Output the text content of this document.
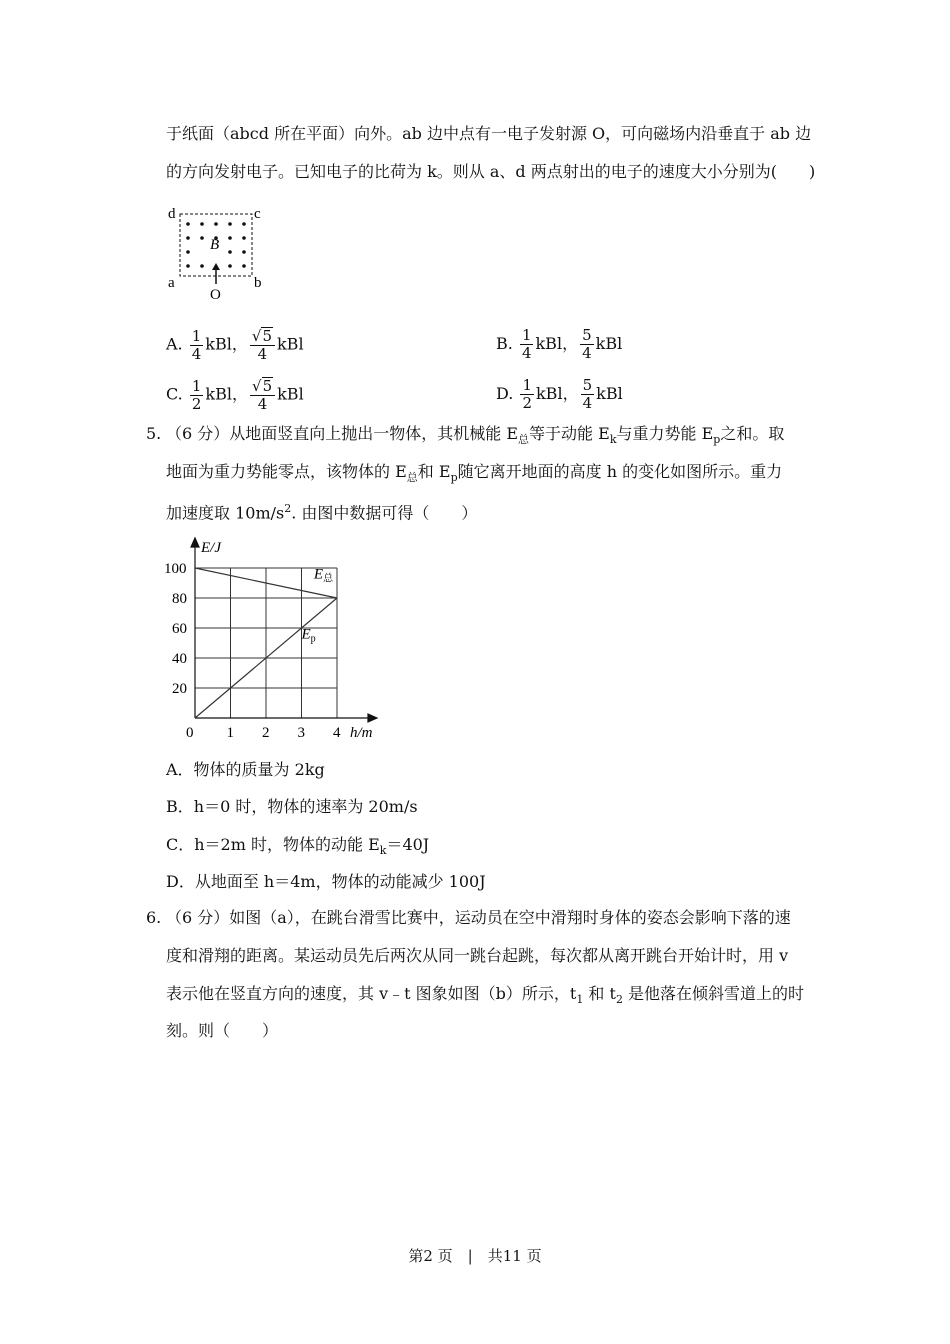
于纸面（abcd 所在平面）向外。ab 边中点有一电子发射源 O，可向磁场内沿垂直于 ab 边
的方向发射电子。已知电子的比荷为 k。则从 a、d 两点射出的电子的速度大小分别为(　　)
d	c
a	b
B
O
A. $\frac{1}{4}$ kBl， $\frac{√ 5}{4}$ kBl	B. $\frac{1}{4}$ kBl， $\frac{5}{4}$ kBl
C. $\frac{1}{2}$ kBl， $\frac{√ 5}{4}$ kBl	D. $\frac{1}{2}$ kBl， $\frac{5}{4}$ kBl
5. （6 分）从地面竖直向上抛出一物体，其机械能 $E_总$等于动能 $E_k$与重力势能 $E_p$之和。取
地面为重力势能零点，该物体的 $E_总$和 $E_p$随它离开地面的高度 h 的变化如图所示。重力
加速度取 $10m/s^2$. 由图中数据可得（　　）
0 1 2 3 4
20
40
60
80
100
E/J
h/m
$E_总$
$E_p$
A．物体的质量为 2kg
B．h＝0 时，物体的速率为 20m/s
C．h＝2m 时，物体的动能 $E_k=40J$
D．从地面至 h＝4m，物体的动能减少 100J
6. （6 分）如图（a），在跳台滑雪比赛中，运动员在空中滑翔时身体的姿态会影响下落的速
度和滑翔的距离。某运动员先后两次从同一跳台起跳，每次都从离开跳台开始计时，用 v
表示他在竖直方向的速度，其 v﹣t 图象如图（b）所示，$t_1$ 和 $t_2$ 是他落在倾斜雪道上的时
刻。则（　　）
第2 页　|　共11 页
